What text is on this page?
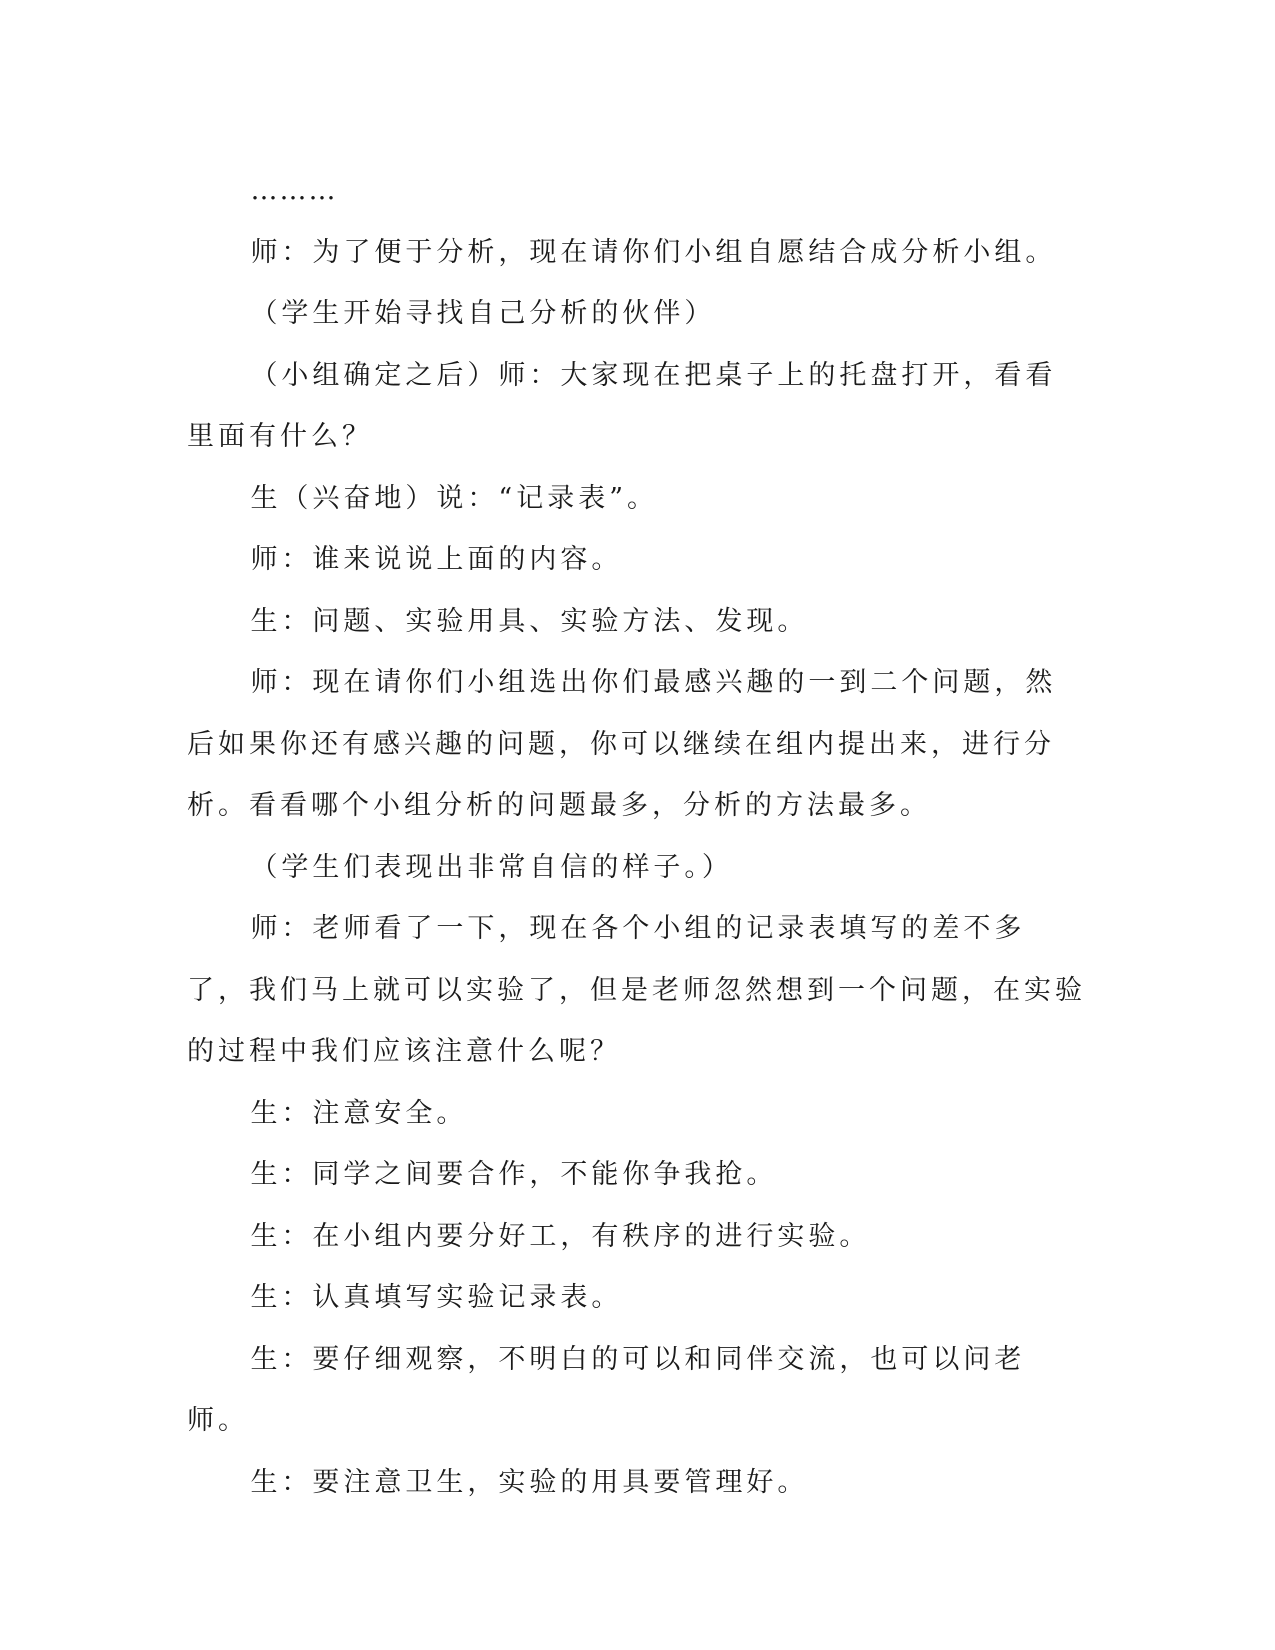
………

师：为了便于分析，现在请你们小组自愿结合成分析小组。

（学生开始寻找自己分析的伙伴）

（小组确定之后）师：大家现在把桌子上的托盘打开，看看里面有什么？

生（兴奋地）说：“记录表”。

师：谁来说说上面的内容。

生：问题、实验用具、实验方法、发现。

师：现在请你们小组选出你们最感兴趣的一到二个问题，然后如果你还有感兴趣的问题，你可以继续在组内提出来，进行分析。看看哪个小组分析的问题最多，分析的方法最多。

（学生们表现出非常自信的样子。）

师：老师看了一下，现在各个小组的记录表填写的差不多了，我们马上就可以实验了，但是老师忽然想到一个问题，在实验的过程中我们应该注意什么呢？

生：注意安全。

生：同学之间要合作，不能你争我抢。

生：在小组内要分好工，有秩序的进行实验。

生：认真填写实验记录表。

生：要仔细观察，不明白的可以和同伴交流，也可以问老师。

生：要注意卫生，实验的用具要管理好。
